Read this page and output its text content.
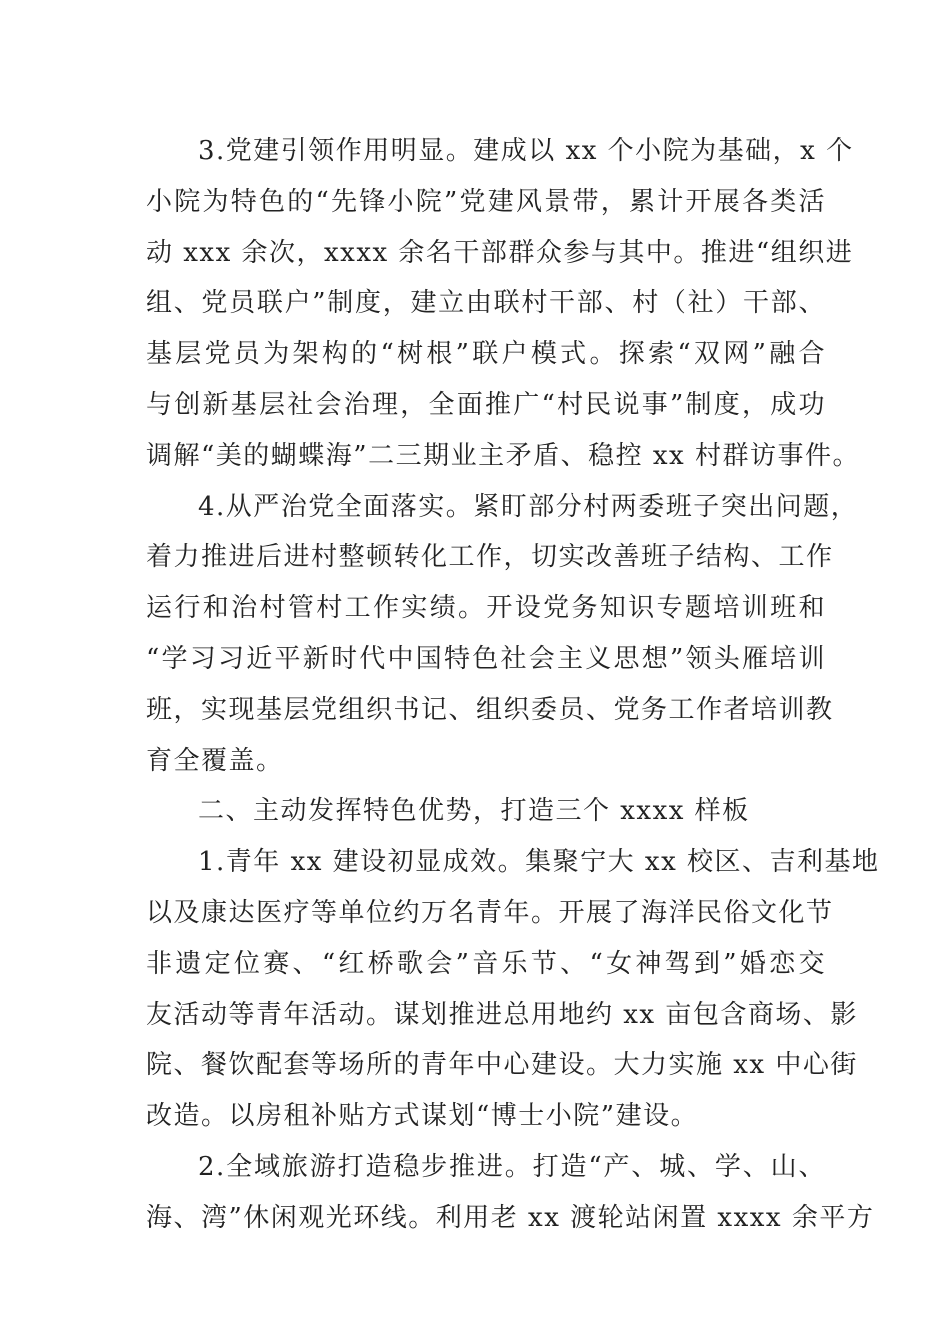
3.党建引领作用明显。建成以 xx 个小院为基础，x 个
小院为特色的“先锋小院”党建风景带，累计开展各类活
动 xxx 余次，xxxx 余名干部群众参与其中。推进“组织进
组、党员联户”制度，建立由联村干部、村（社）干部、
基层党员为架构的“树根”联户模式。探索“双网”融合
与创新基层社会治理，全面推广“村民说事”制度，成功
调解“美的蝴蝶海”二三期业主矛盾、稳控 xx 村群访事件。
4.从严治党全面落实。紧盯部分村两委班子突出问题，
着力推进后进村整顿转化工作，切实改善班子结构、工作
运行和治村管村工作实绩。开设党务知识专题培训班和
“学习习近平新时代中国特色社会主义思想”领头雁培训
班，实现基层党组织书记、组织委员、党务工作者培训教
育全覆盖。
二、主动发挥特色优势，打造三个 xxxx 样板
1.青年 xx 建设初显成效。集聚宁大 xx 校区、吉利基地
以及康达医疗等单位约万名青年。开展了海洋民俗文化节
非遗定位赛、“红桥歌会”音乐节、“女神驾到”婚恋交
友活动等青年活动。谋划推进总用地约 xx 亩包含商场、影
院、餐饮配套等场所的青年中心建设。大力实施 xx 中心街
改造。以房租补贴方式谋划“博士小院”建设。
2.全域旅游打造稳步推进。打造“产、城、学、山、
海、湾”休闲观光环线。利用老 xx 渡轮站闲置 xxxx 余平方
